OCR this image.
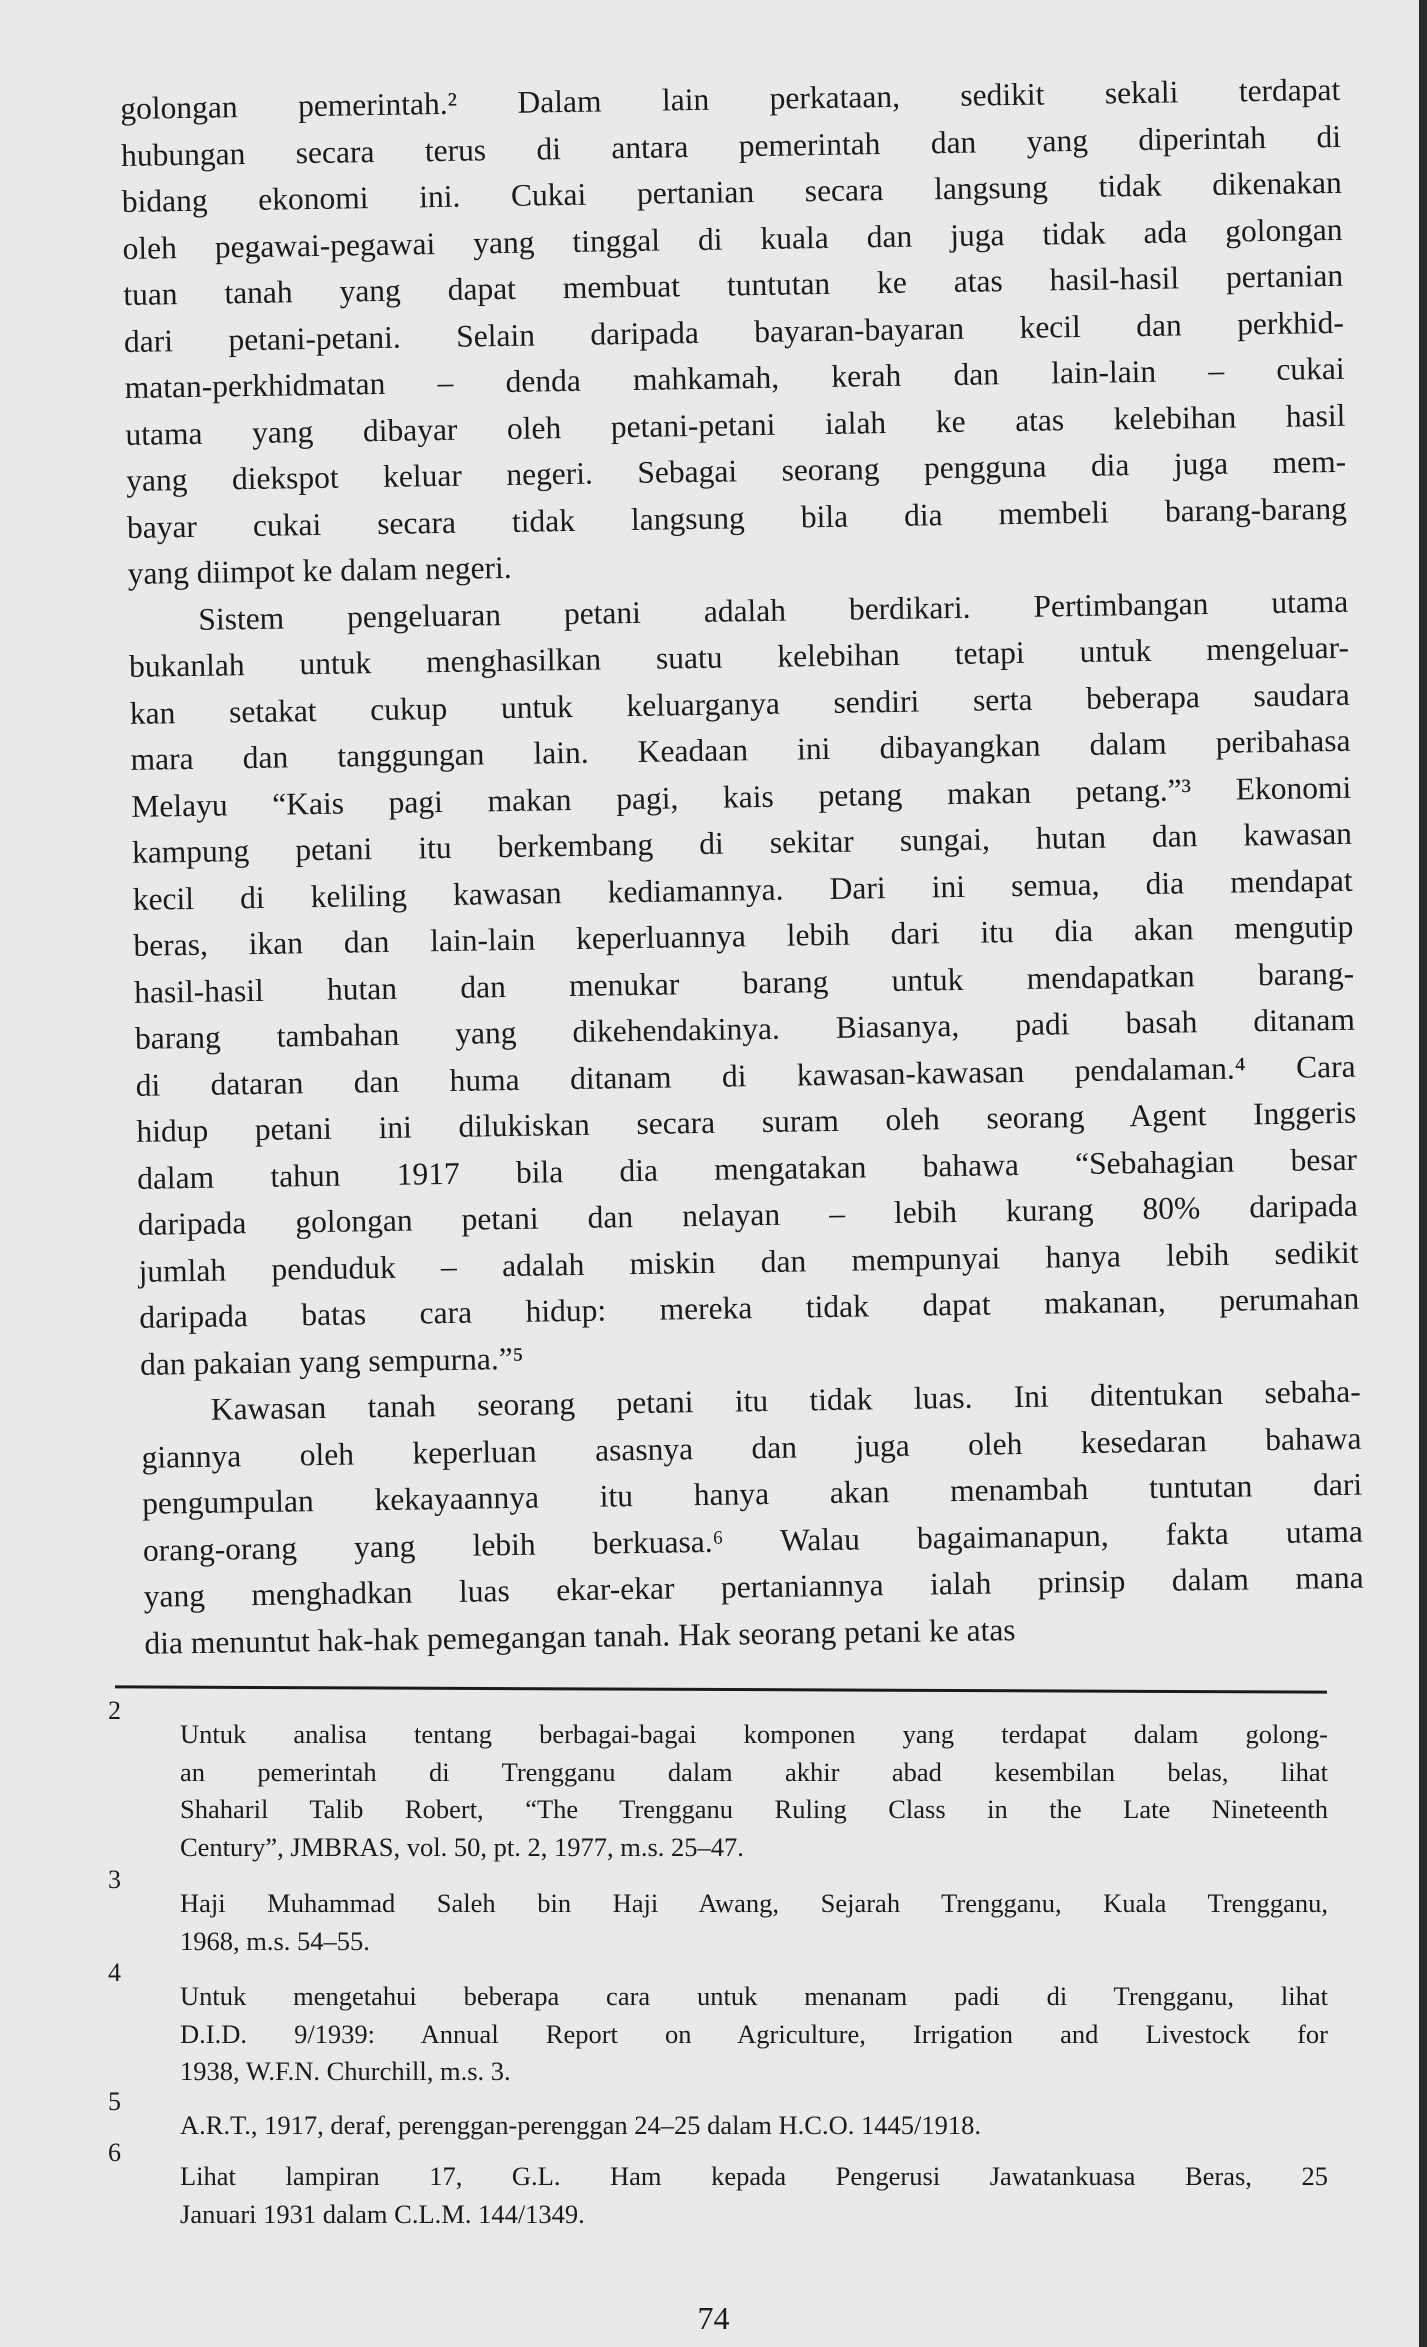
golongan pemerintah.² Dalam lain perkataan, sedikit sekali terdapat
hubungan secara terus di antara pemerintah dan yang diperintah di
bidang ekonomi ini. Cukai pertanian secara langsung tidak dikenakan
oleh pegawai-pegawai yang tinggal di kuala dan juga tidak ada golongan
tuan tanah yang dapat membuat tuntutan ke atas hasil-hasil pertanian
dari petani-petani. Selain daripada bayaran-bayaran kecil dan perkhid-
matan-perkhidmatan – denda mahkamah, kerah dan lain-lain – cukai
utama yang dibayar oleh petani-petani ialah ke atas kelebihan hasil
yang diekspot keluar negeri. Sebagai seorang pengguna dia juga mem-
bayar cukai secara tidak langsung bila dia membeli barang-barang
yang diimpot ke dalam negeri.
Sistem pengeluaran petani adalah berdikari. Pertimbangan utama
bukanlah untuk menghasilkan suatu kelebihan tetapi untuk mengeluar-
kan setakat cukup untuk keluarganya sendiri serta beberapa saudara
mara dan tanggungan lain. Keadaan ini dibayangkan dalam peribahasa
Melayu “Kais pagi makan pagi, kais petang makan petang.”³ Ekonomi
kampung petani itu berkembang di sekitar sungai, hutan dan kawasan
kecil di keliling kawasan kediamannya. Dari ini semua, dia mendapat
beras, ikan dan lain-lain keperluannya lebih dari itu dia akan mengutip
hasil-hasil hutan dan menukar barang untuk mendapatkan barang-
barang tambahan yang dikehendakinya. Biasanya, padi basah ditanam
di dataran dan huma ditanam di kawasan-kawasan pendalaman.⁴ Cara
hidup petani ini dilukiskan secara suram oleh seorang Agent Inggeris
dalam tahun 1917 bila dia mengatakan bahawa “Sebahagian besar
daripada golongan petani dan nelayan – lebih kurang 80% daripada
jumlah penduduk – adalah miskin dan mempunyai hanya lebih sedikit
daripada batas cara hidup: mereka tidak dapat makanan, perumahan
dan pakaian yang sempurna.”⁵
Kawasan tanah seorang petani itu tidak luas. Ini ditentukan sebaha-
giannya oleh keperluan asasnya dan juga oleh kesedaran bahawa
pengumpulan kekayaannya itu hanya akan menambah tuntutan dari
orang-orang yang lebih berkuasa.⁶ Walau bagaimanapun, fakta utama
yang menghadkan luas ekar-ekar pertaniannya ialah prinsip dalam mana
dia menuntut hak-hak pemegangan tanah. Hak seorang petani ke atas
2
Untuk analisa tentang berbagai-bagai komponen yang terdapat dalam golong-
an pemerintah di Trengganu dalam akhir abad kesembilan belas, lihat
Shaharil Talib Robert, “The Trengganu Ruling Class in the Late Nineteenth
Century”, JMBRAS, vol. 50, pt. 2, 1977, m.s. 25–47.
3
Haji Muhammad Saleh bin Haji Awang, Sejarah Trengganu, Kuala Trengganu,
1968, m.s. 54–55.
4
Untuk mengetahui beberapa cara untuk menanam padi di Trengganu, lihat
D.I.D. 9/1939: Annual Report on Agriculture, Irrigation and Livestock for
1938, W.F.N. Churchill, m.s. 3.
5
A.R.T., 1917, deraf, perenggan-perenggan 24–25 dalam H.C.O. 1445/1918.
6
Lihat lampiran 17, G.L. Ham kepada Pengerusi Jawatankuasa Beras, 25
Januari 1931 dalam C.L.M. 144/1349.
74
